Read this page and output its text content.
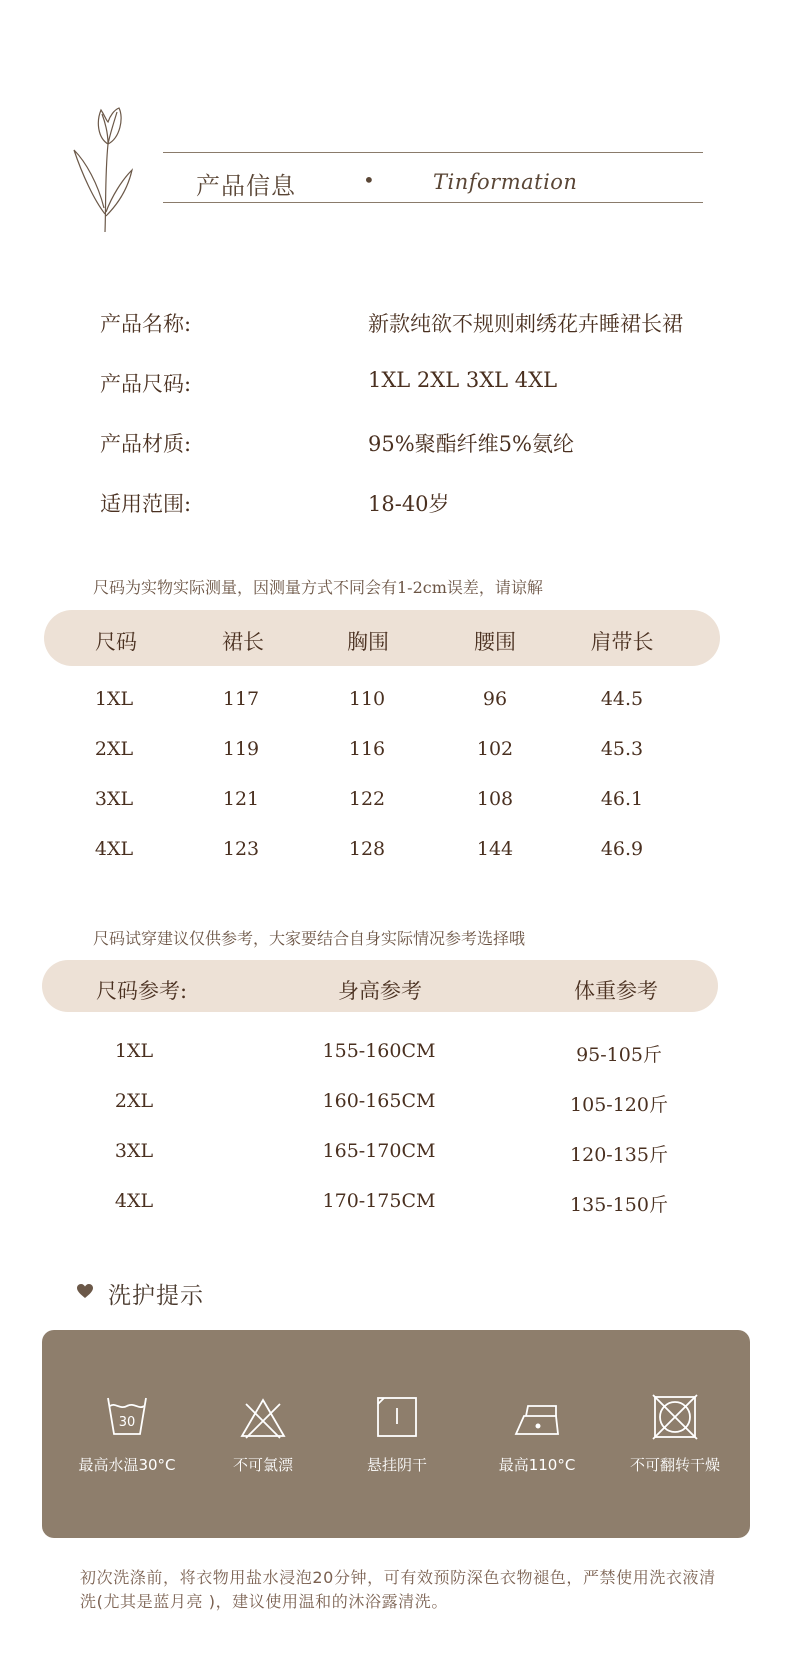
产品信息	•	Tinformation
产品名称:	新款纯欲不规则刺绣花卉睡裙长裙
产品尺码:	1XL 2XL 3XL 4XL
产品材质:	95%聚酯纤维5%氨纶
适用范围:	18-40岁
尺码为实物实际测量，因测量方式不同会有1-2cm误差，请谅解
尺码	裙长	胸围	腰围	肩带长
1XL	117	110	96	44.5
2XL	119	116	102	45.3
3XL	121	122	108	46.1
4XL	123	128	144	46.9
尺码试穿建议仅供参考，大家要结合自身实际情况参考选择哦
尺码参考:	身高参考	体重参考
1XL	155-160CM	95-105斤
2XL	160-165CM	105-120斤
3XL	165-170CM	120-135斤
4XL	170-175CM	135-150斤
洗护提示
30
最高水温30°C	不可氯漂	悬挂阴干	最高110°C	不可翻转干燥
初次洗涤前，将衣物用盐水浸泡20分钟，可有效预防深色衣物褪色，严禁使用洗衣液清洗(尤其是蓝月亮 )，建议使用温和的沐浴露清洗。
